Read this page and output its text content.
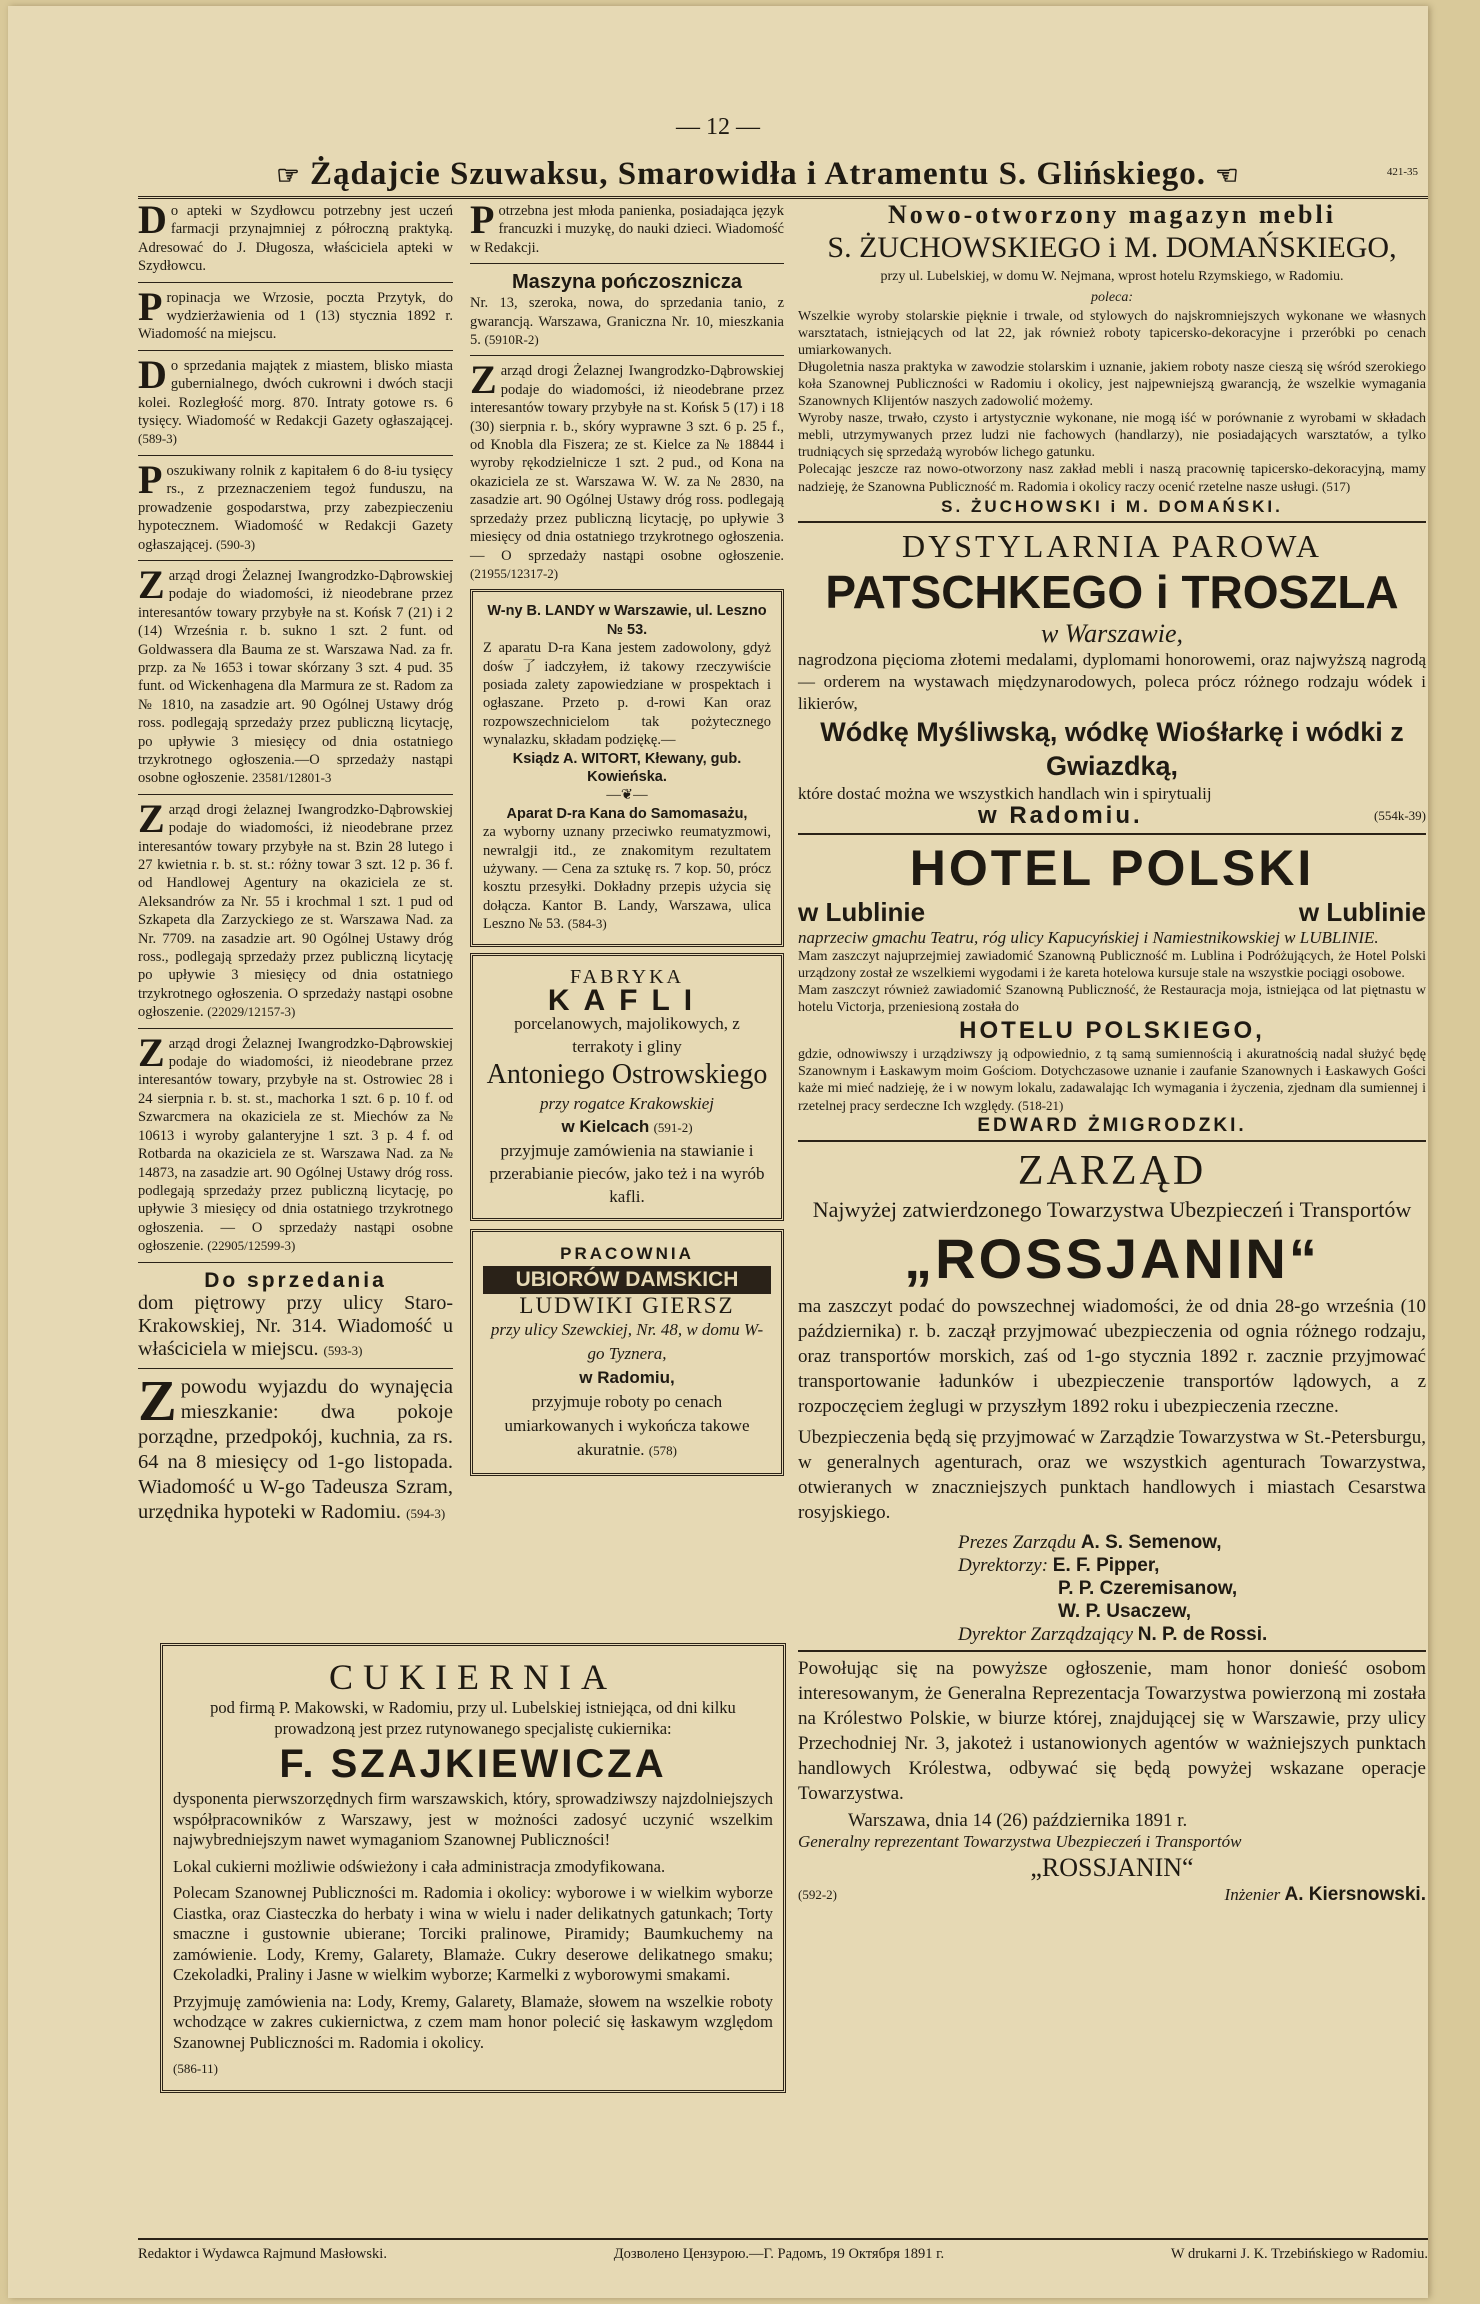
— 12 —
☞ Żądajcie Szuwaksu, Smarowidła i Atramentu S. Glińskiego. ☜	421-35

Do apteki w Szydłowcu potrzebny jest uczeń farmacji przynajmniej z półroczną praktyką. Adresować do J. Długosza, właściciela apteki w Szydłowcu.

Propinacja we Wrzosie, poczta Przytyk, do wydzierżawienia od 1 (13) stycznia 1892 r. Wiadomość na miejscu.

Do sprzedania majątek z miastem, blisko miasta gubernialnego, dwóch cukrowni i dwóch stacji kolei. Rozległość morg. 870. Intraty gotowe rs. 6 tysięcy. Wiadomość w Redakcji Gazety ogłaszającej. (589-3)

Poszukiwany rolnik z kapitałem 6 do 8-iu tysięcy rs., z przeznaczeniem tegoż funduszu, na prowadzenie gospodarstwa, przy zabezpieczeniu hypotecznem. Wiadomość w Redakcji Gazety ogłaszającej. (590-3)

Zarząd drogi Żelaznej Iwangrodzko-Dąbrowskiej podaje do wiadomości, iż nieodebrane przez interesantów towary przybyłe na st. Końsk 7 (21) i 2 (14) Września r. b. sukno 1 szt. 2 funt. od Goldwassera dla Bauma ze st. Warszawa Nad. za fr. przp. za № 1653 i towar skórzany 3 szt. 4 pud. 35 funt. od Wickenhagena dla Marmura ze st. Radom za № 1810, na zasadzie art. 90 Ogólnej Ustawy dróg ross. podlegają sprzedaży przez publiczną licytację, po upływie 3 miesięcy od dnia ostatniego trzykrotnego ogłoszenia.—O sprzedaży nastąpi osobne ogłoszenie. 23581/12801-3

Zarząd drogi żelaznej Iwangrodzko-Dąbrowskiej podaje do wiadomości, iż nieodebrane przez interesantów towary przybyłe na st. Bzin 28 lutego i 27 kwietnia r. b. st. st.: różny towar 3 szt. 12 p. 36 f. od Handlowej Agentury na okaziciela ze st. Aleksandrów za Nr. 55 i krochmal 1 szt. 1 pud od Szkapeta dla Zarzyckiego ze st. Warszawa Nad. za Nr. 7709. na zasadzie art. 90 Ogólnej Ustawy dróg ross., podlegają sprzedaży przez publiczną licytację po upływie 3 miesięcy od dnia ostatniego trzykrotnego ogłoszenia. O sprzedaży nastąpi osobne ogłoszenie. (22029/12157-3)

Zarząd drogi Żelaznej Iwangrodzko-Dąbrowskiej podaje do wiadomości, iż nieodebrane przez interesantów towary, przybyłe na st. Ostrowiec 28 i 24 sierpnia r. b. st. st., machorka 1 szt. 6 p. 10 f. od Szwarcmera na okaziciela ze st. Miechów za № 10613 i wyroby galanteryjne 1 szt. 3 p. 4 f. od Rotbarda na okaziciela ze st. Warszawa Nad. za № 14873, na zasadzie art. 90 Ogólnej Ustawy dróg ross. podlegają sprzedaży przez publiczną licytację, po upływie 3 miesięcy od dnia ostatniego trzykrotnego ogłoszenia. — O sprzedaży nastąpi osobne ogłoszenie. (22905/12599-3)

Do sprzedania
dom piętrowy przy ulicy Staro-Krakowskiej, Nr. 314. Wiadomość u właściciela w miejscu. (593-3)
Zpowodu wyjazdu do wynajęcia mieszkanie: dwa pokoje porządne, przedpokój, kuchnia, za rs. 64 na 8 miesięcy od 1-go listopada. Wiadomość u W-go Tadeusza Szram, urzędnika hypoteki w Radomiu. (594-3)

Potrzebna jest młoda panienka, posiadająca język francuzki i muzykę, do nauki dzieci. Wiadomość w Redakcji.

Maszyna pończosznicza

Nr. 13, szeroka, nowa, do sprzedania tanio, z gwarancją. Warszawa, Graniczna Nr. 10, mieszkania 5. (5910R-2)

Zarząd drogi Żelaznej Iwangrodzko-Dąbrowskiej podaje do wiadomości, iż nieodebrane przez interesantów towary przybyłe na st. Końsk 5 (17) i 18 (30) sierpnia r. b., skóry wyprawne 3 szt. 6 p. 25 f., od Knobla dla Fiszera; ze st. Kielce za № 18844 i wyroby rękodzielnicze 1 szt. 2 pud., od Kona na okaziciela ze st. Warszawa W. W. za № 2830, na zasadzie art. 90 Ogólnej Ustawy dróg ross. podlegają sprzedaży przez publiczną licytację, po upływie 3 miesięcy od dnia ostatniego trzykrotnego ogłoszenia. — O sprzedaży nastąpi osobne ogłoszenie. (21955/12317-2)

W-ny B. LANDY w Warszawie, ul. Leszno № 53.
Z aparatu D-ra Kana jestem zadowolony, gdyż dośw了iadczyłem, iż takowy rzeczywiście posiada zalety zapowiedziane w prospektach i ogłaszane. Przeto p. d-rowi Kan oraz rozpowszechnicielom tak pożytecznego wynalazku, składam podziękę.—
Ksiądz A. WITORT, Kłewany, gub. Kowieńska.
—❦—
Aparat D-ra Kana do Samomasażu,
za wyborny uznany przeciwko reumatyzmowi, newralgji itd., ze znakomitym rezultatem używany. — Cena za sztukę rs. 7 kop. 50, prócz kosztu przesyłki. Dokładny przepis użycia się dołącza. Kantor B. Landy, Warszawa, ulica Leszno № 53. (584-3)
FABRYKA
KAFLI
porcelanowych, majolikowych, z terrakoty i gliny
Antoniego Ostrowskiego
przy rogatce Krakowskiej
w Kielcach (591-2)
przyjmuje zamówienia na stawianie i przerabianie pieców, jako też i na wyrób kafli.
PRACOWNIA
UBIORÓW DAMSKICH
LUDWIKI GIERSZ
przy ulicy Szewckiej, Nr. 48, w domu W-go Tyznera,
w Radomiu,
przyjmuje roboty po cenach umiarkowanych i wykończa takowe akuratnie. (578)
CUKIERNIA
pod firmą P. Makowski, w Radomiu, przy ul. Lubelskiej istniejąca, od dni kilku prowadzoną jest przez rutynowanego specjalistę cukiernika:
F. SZAJKIEWICZA

dysponenta pierwszorzędnych firm warszawskich, który, sprowadziwszy najzdolniejszych współpracowników z Warszawy, jest w możności zadosyć uczynić wszelkim najwybredniejszym nawet wymaganiom Szanownej Publiczności!

Lokal cukierni możliwie odświeżony i cała administracja zmodyfikowana.

Polecam Szanownej Publiczności m. Radomia i okolicy: wyborowe i w wielkim wyborze Ciastka, oraz Ciasteczka do herbaty i wina w wielu i nader delikatnych gatunkach; Torty smaczne i gustownie ubierane; Torciki pralinowe, Piramidy; Baumkuchemy na zamówienie. Lody, Kremy, Galarety, Blamaże. Cukry deserowe delikatnego smaku; Czekoladki, Praliny i Jasne w wielkim wyborze; Karmelki z wyborowymi smakami.

Przyjmuję zamówienia na: Lody, Kremy, Galarety, Blamaże, słowem na wszelkie roboty wchodzące w zakres cukiernictwa, z czem mam honor polecić się łaskawym względom Szanownej Publiczności m. Radomia i okolicy.

(586-11)
Nowo-otworzony magazyn mebli
S. ŻUCHOWSKIEGO i M. DOMAŃSKIEGO,
przy ul. Lubelskiej, w domu W. Nejmana, wprost hotelu Rzymskiego, w Radomiu.
poleca:

Wszelkie wyroby stolarskie pięknie i trwale, od stylowych do najskromniejszych wykonane we własnych warsztatach, istniejących od lat 22, jak również roboty tapicersko-dekoracyjne i przeróbki po cenach umiarkowanych.

Długoletnia nasza praktyka w zawodzie stolarskim i uznanie, jakiem roboty nasze cieszą się wśród szerokiego koła Szanownej Publiczności w Radomiu i okolicy, jest najpewniejszą gwarancją, że wszelkie wymagania Szanownych Klijentów naszych zadowolić możemy.

Wyroby nasze, trwało, czysto i artystycznie wykonane, nie mogą iść w porównanie z wyrobami w składach mebli, utrzymywanych przez ludzi nie fachowych (handlarzy), nie posiadających warsztatów, a tylko trudniących się sprzedażą wyrobów lichego gatunku.

Polecając jeszcze raz nowo-otworzony nasz zakład mebli i naszą pracownię tapicersko-dekoracyjną, mamy nadzieję, że Szanowna Publiczność m. Radomia i okolicy raczy ocenić rzetelne nasze usługi. (517)

S. ŻUCHOWSKI i M. DOMAŃSKI.
DYSTYLARNIA PAROWA
PATSCHKEGO i TROSZLA
w Warszawie,
nagrodzona pięcioma złotemi medalami, dyplomami honorowemi, oraz najwyższą nagrodą — orderem na wystawach międzynarodowych, poleca prócz różnego rodzaju wódek i likierów,
Wódkę Myśliwską, wódkę Wiośłarkę i wódki z Gwiazdką,
które dostać można we wszystkich handlach win i spirytualij
w Radomiu.	(554k-39)
HOTEL POLSKI
w Lublinie	w Lublinie
naprzeciw gmachu Teatru, róg ulicy Kapucyńskiej i Namiestnikowskiej w LUBLINIE.

Mam zaszczyt najuprzejmiej zawiadomić Szanowną Publiczność m. Lublina i Podróżujących, że Hotel Polski urządzony został ze wszelkiemi wygodami i że kareta hotelowa kursuje stale na wszystkie pociągi osobowe.

Mam zaszczyt również zawiadomić Szanowną Publiczność, że Restauracja moja, istniejąca od lat piętnastu w hotelu Victorja, przeniesioną została do

HOTELU POLSKIEGO,

gdzie, odnowiwszy i urządziwszy ją odpowiednio, z tą samą sumiennością i akuratnością nadal służyć będę Szanownym i Łaskawym moim Gościom. Dotychczasowe uznanie i zaufanie Szanownych i Łaskawych Gości każe mi mieć nadzieję, że i w nowym lokalu, zadawalając Ich wymagania i życzenia, zjednam dla sumiennej i rzetelnej pracy serdeczne Ich względy. (518-21)

EDWARD ŻMIGRODZKI.
ZARZĄD
Najwyżej zatwierdzonego Towarzystwa Ubezpieczeń i Transportów
„ROSSJANIN“

ma zaszczyt podać do powszechnej wiadomości, że od dnia 28-go września (10 października) r. b. zaczął przyjmować ubezpieczenia od ognia różnego rodzaju, oraz transportów morskich, zaś od 1-go stycznia 1892 r. zacznie przyjmować transportowanie ładunków i ubezpieczenie transportów lądowych, a z rozpoczęciem żeglugi w przyszłym 1892 roku i ubezpieczenia rzeczne.

Ubezpieczenia będą się przyjmować w Zarządzie Towarzystwa w St.-Petersburgu, w generalnych agenturach, oraz we wszystkich agenturach Towarzystwa, otwieranych w znaczniejszych punktach handlowych i miastach Cesarstwa rosyjskiego.

Prezes Zarządu A. S. Semenow,
Dyrektorzy: E. F. Pipper,
P. P. Czeremisanow,
W. P. Usaczew,
Dyrektor Zarządzający N. P. de Rossi.

Powołując się na powyższe ogłoszenie, mam honor donieść osobom interesowanym, że Generalna Reprezentacja Towarzystwa powierzoną mi została na Królestwo Polskie, w biurze której, znajdującej się w Warszawie, przy ulicy Przechodniej Nr. 3, jakoteż i ustanowionych agentów w ważniejszych punktach handlowych Królestwa, odbywać się będą powyżej wskazane operacje Towarzystwa.

Warszawa, dnia 14 (26) października 1891 r.
Generalny reprezentant Towarzystwa Ubezpieczeń i Transportów
„ROSSJANIN“
(592-2)	Inżenier A. Kiersnowski.
Redaktor i Wydawca Rajmund Masłowski.	Дозволено Цензурою.—Г. Радомъ, 19 Октября 1891 г.	W drukarni J. K. Trzebińskiego w Radomiu.
